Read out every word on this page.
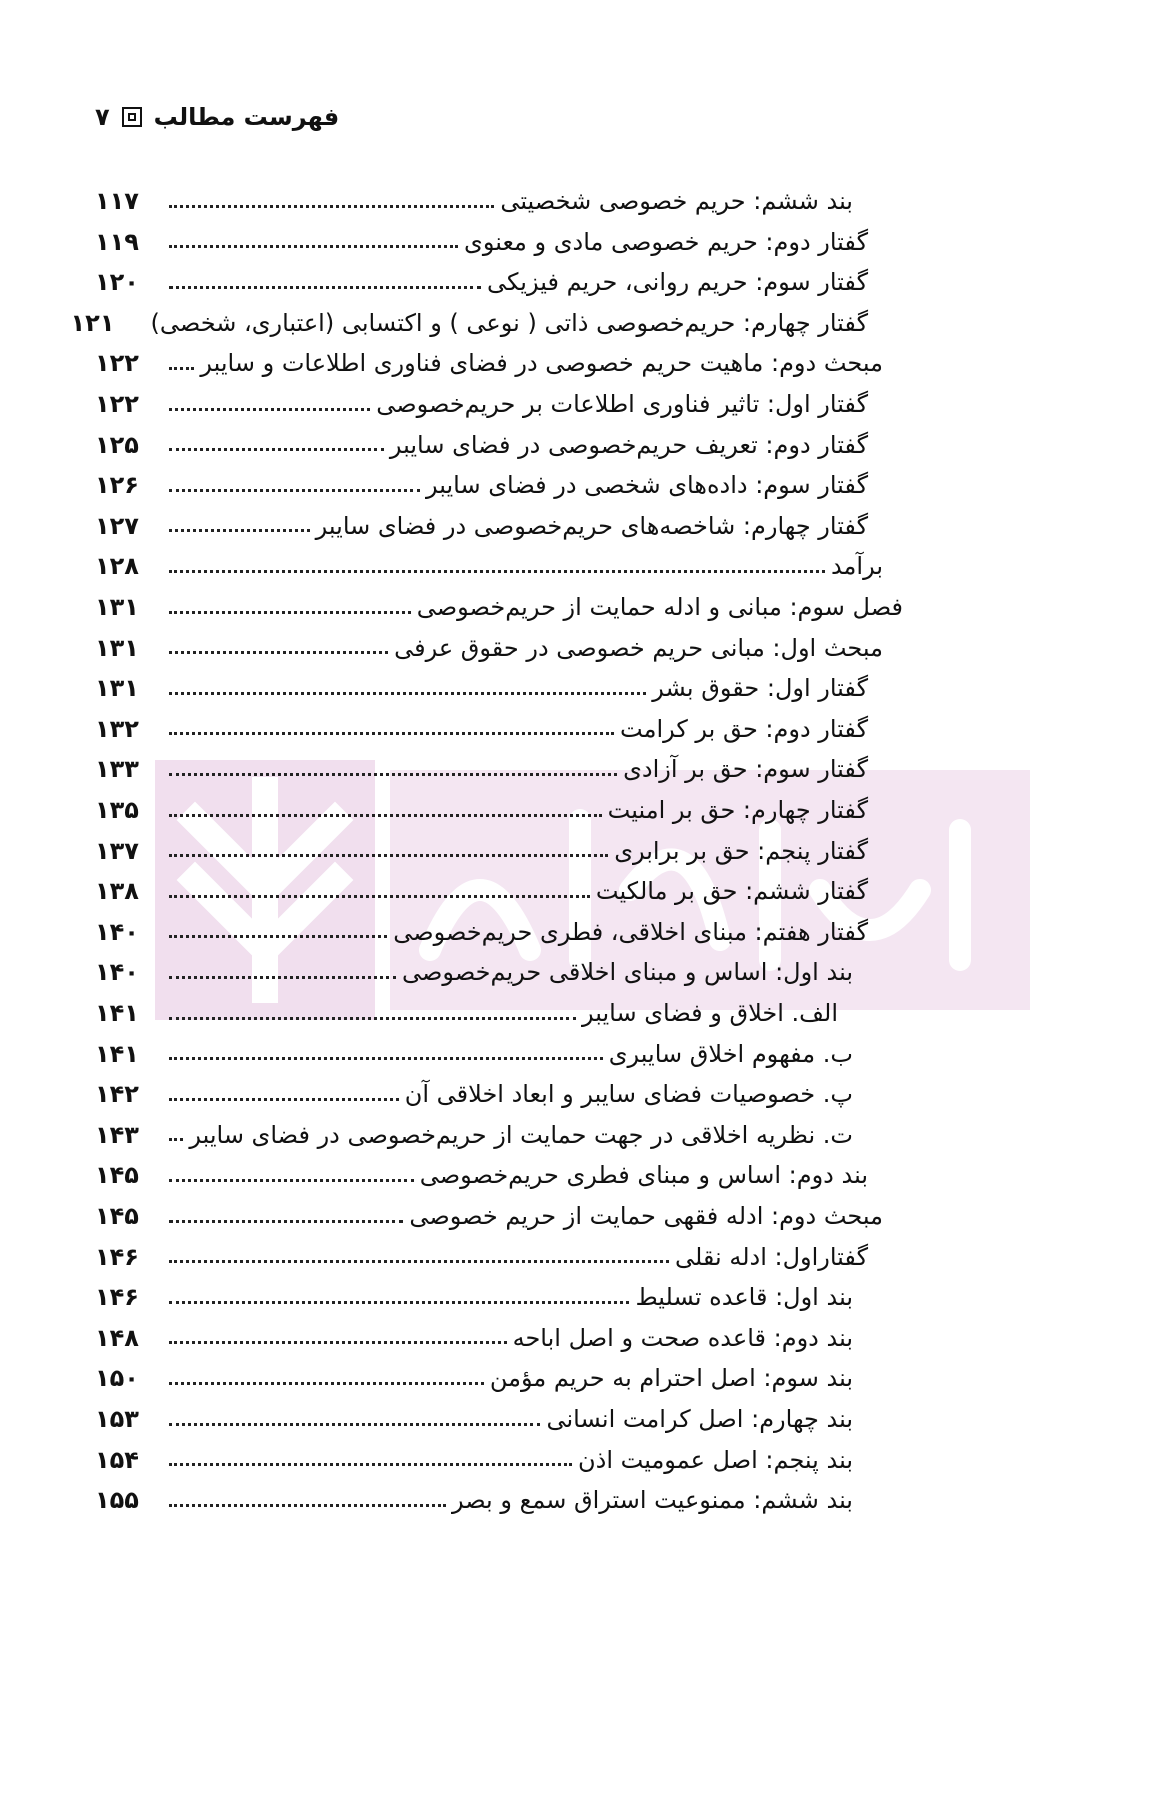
۷ فهرست مطالب
بند ششم: حریم خصوصی شخصیتی
۱۱۷
گفتار دوم: حریم خصوصی مادی و معنوی
۱۱۹
گفتار سوم: حریم روانی، حریم فیزیکی
۱۲۰
گفتار چهارم: حریم‌خصوصی ذاتی ( نوعی ) و اکتسابی (اعتباری، شخصی)
۱۲۱
مبحث دوم: ماهیت حریم خصوصی در فضای فناوری اطلاعات و سایبر
۱۲۲
گفتار اول: تاثیر فناوری اطلاعات بر حریم‌خصوصی
۱۲۲
گفتار دوم: تعریف حریم‌خصوصی در فضای سایبر
۱۲۵
گفتار سوم: داده‌های شخصی در فضای سایبر
۱۲۶
گفتار چهارم: شاخصه‌های حریم‌خصوصی در فضای سایبر
۱۲۷
برآمد
۱۲۸
فصل سوم: مبانی و ادله حمایت از حریم‌خصوصی
۱۳۱
مبحث اول: مبانی حریم خصوصی در حقوق عرفی
۱۳۱
گفتار اول: حقوق بشر
۱۳۱
گفتار دوم: حق بر کرامت
۱۳۲
گفتار سوم: حق بر آزادی
۱۳۳
گفتار چهارم: حق بر امنیت
۱۳۵
گفتار پنجم: حق بر برابری
۱۳۷
گفتار ششم: حق بر مالکیت
۱۳۸
گفتار هفتم: مبنای اخلاقی، فطری حریم‌خصوصی
۱۴۰
بند اول: اساس و مبنای اخلاقی حریم‌خصوصی
۱۴۰
الف. اخلاق و فضای سایبر
۱۴۱
ب. مفهوم اخلاق سایبری
۱۴۱
پ. خصوصیات فضای سایبر و ابعاد اخلاقی آن
۱۴۲
ت. نظریه اخلاقی در جهت حمایت از حریم‌خصوصی در فضای سایبر
۱۴۳
بند دوم: اساس و مبنای فطری حریم‌خصوصی
۱۴۵
مبحث دوم: ادله فقهی حمایت از حریم خصوصی
۱۴۵
گفتاراول: ادله نقلی
۱۴۶
بند اول: قاعده تسلیط
۱۴۶
بند دوم: قاعده صحت و اصل اباحه
۱۴۸
بند سوم: اصل احترام به حریم مؤمن
۱۵۰
بند چهارم: اصل کرامت انسانی
۱۵۳
بند پنجم: اصل عمومیت اذن
۱۵۴
بند ششم: ممنوعیت استراق سمع و بصر
۱۵۵
